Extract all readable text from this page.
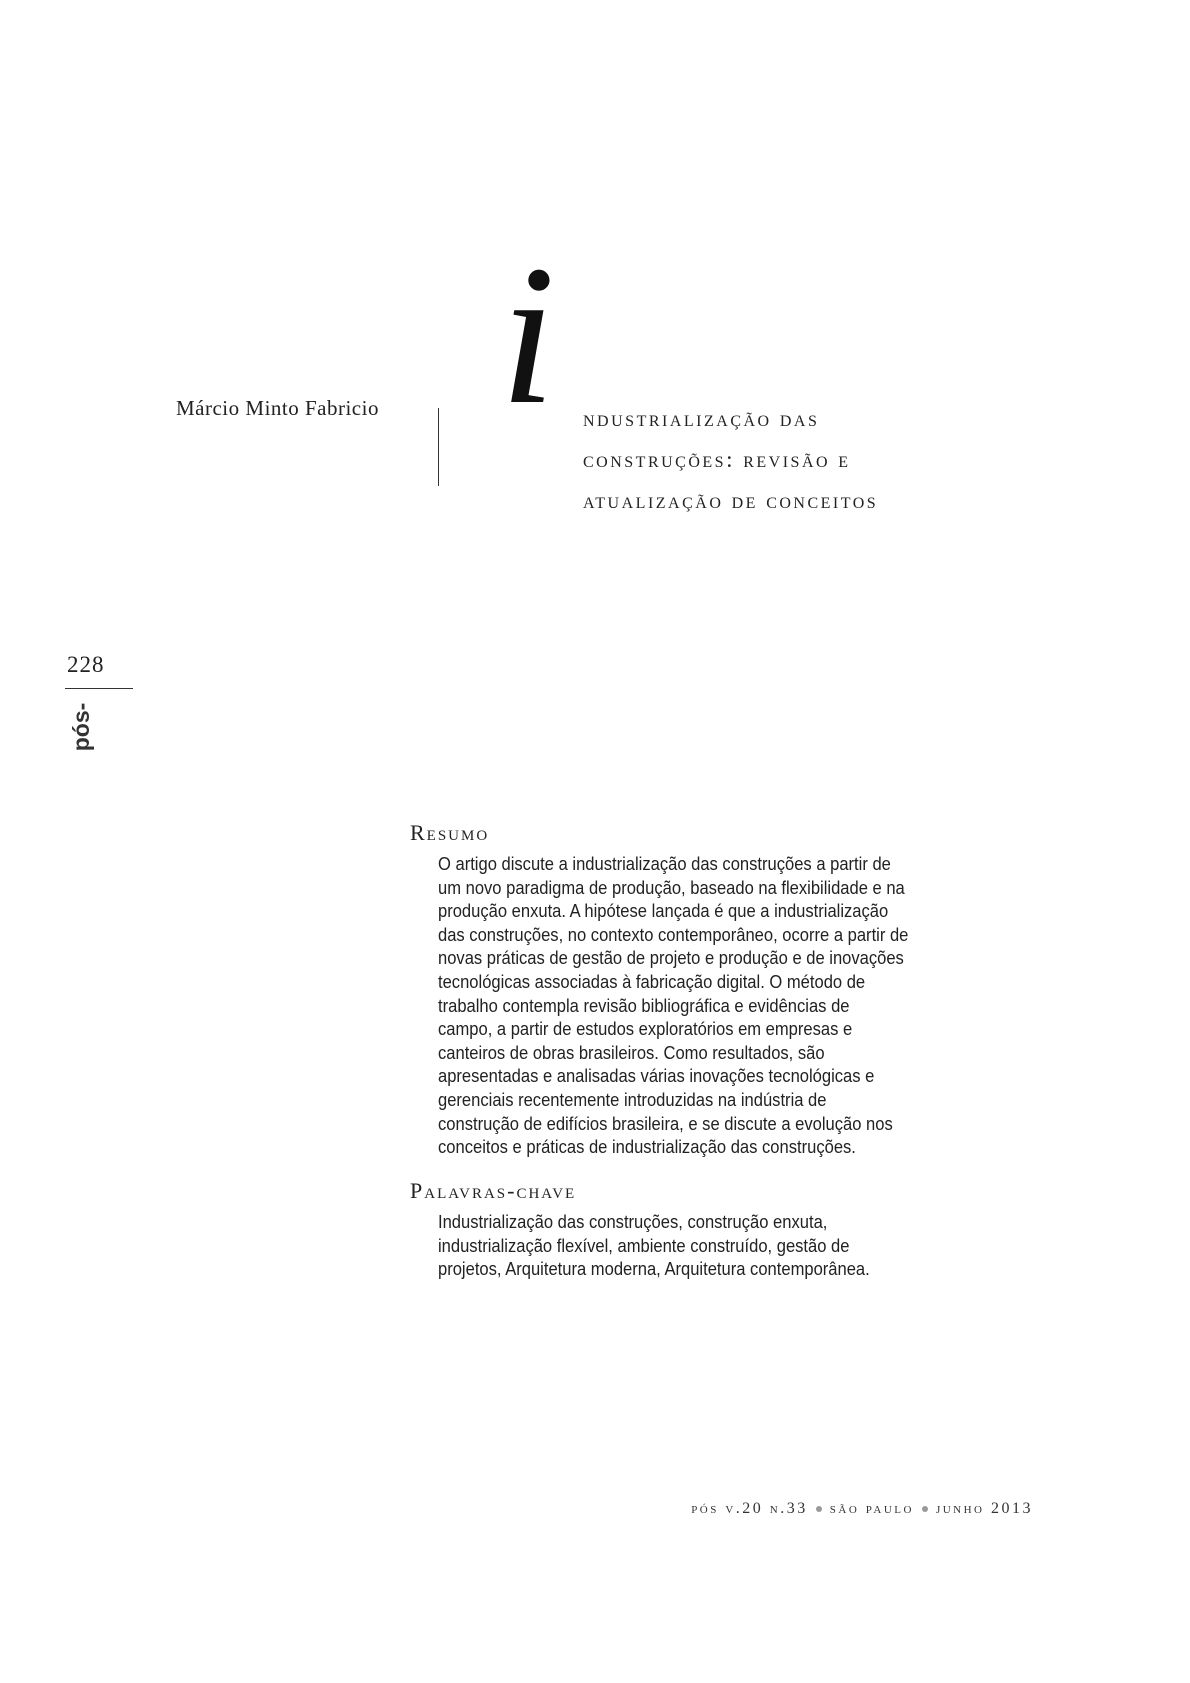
Márcio Minto Fabricio i ndustrialização das
construções: revisão e
atualização de conceitos
228
pós-
Resumo
O artigo discute a industrialização das construções a partir de
um novo paradigma de produção, baseado na flexibilidade e na
produção enxuta. A hipótese lançada é que a industrialização
das construções, no contexto contemporâneo, ocorre a partir de
novas práticas de gestão de projeto e produção e de inovações
tecnológicas associadas à fabricação digital. O método de
trabalho contempla revisão bibliográfica e evidências de
campo, a partir de estudos exploratórios em empresas e
canteiros de obras brasileiros. Como resultados, são
apresentadas e analisadas várias inovações tecnológicas e
gerenciais recentemente introduzidas na indústria de
construção de edifícios brasileira, e se discute a evolução nos
conceitos e práticas de industrialização das construções.
Palavras-chave
Industrialização das construções, construção enxuta,
industrialização flexível, ambiente construído, gestão de
projetos, Arquitetura moderna, Arquitetura contemporânea.
pós v.20 n.33 são paulo junho 2013
